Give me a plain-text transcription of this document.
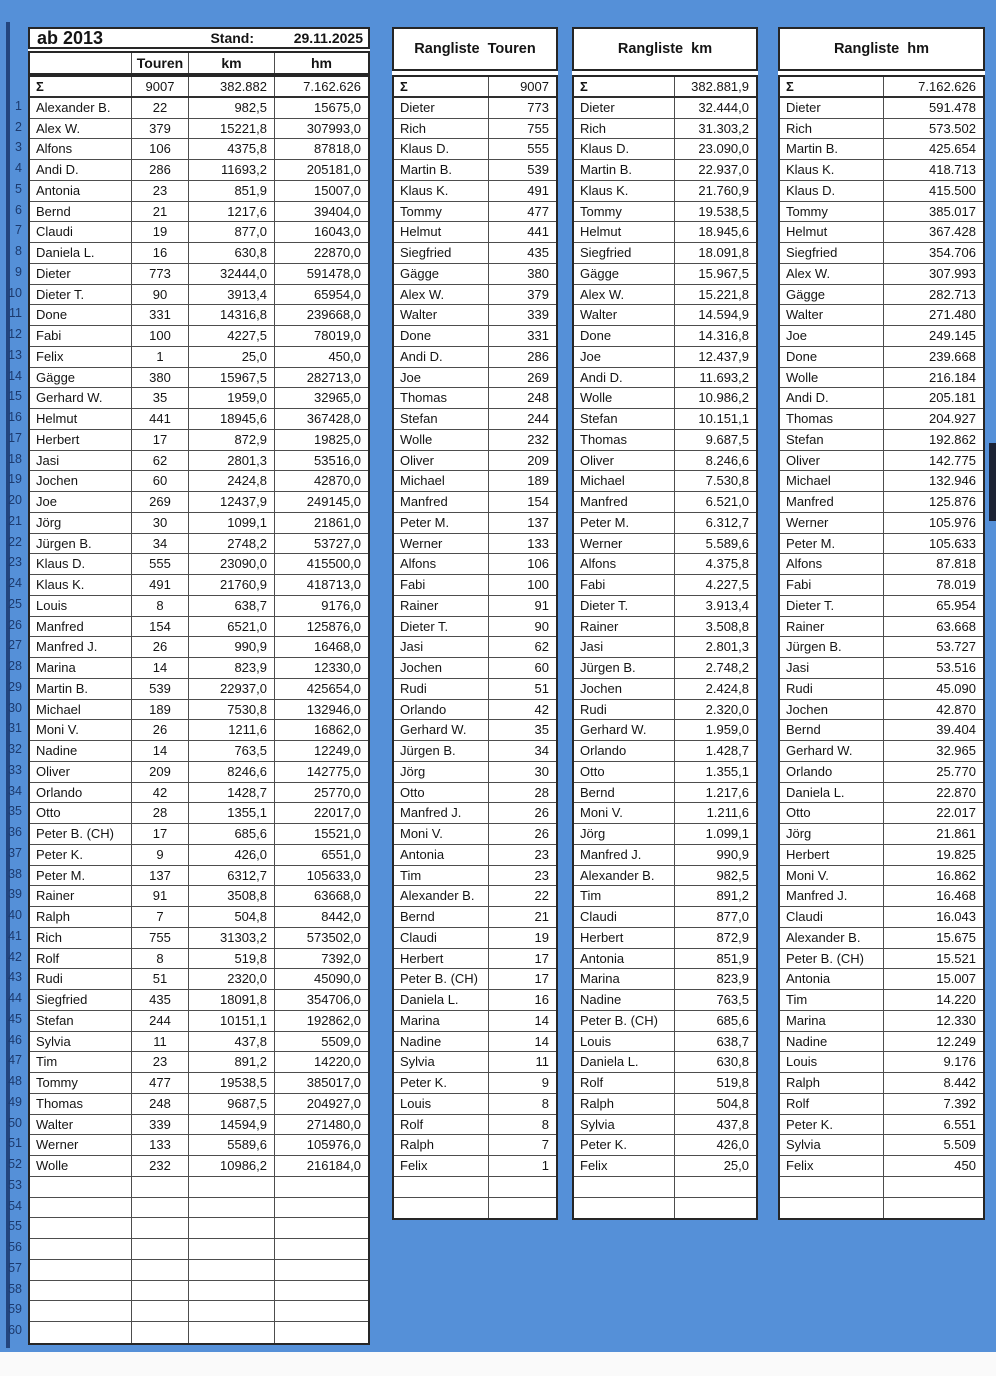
1
2
3
4
5
6
7
8
9
10
11
12
13
14
15
16
17
18
19
20
21
22
23
24
25
26
27
28
29
30
31
32
33
34
35
36
37
38
39
40
41
42
43
44
45
46
47
48
49
50
51
52
53
54
55
56
57
58
59
60
ab 2013	Stand:	29.11.2025
Touren	km	hm
Σ	9007	382.882	7.162.626
Alexander B.	22	982,5	15675,0
Alex W.	379	15221,8	307993,0
Alfons	106	4375,8	87818,0
Andi D.	286	11693,2	205181,0
Antonia	23	851,9	15007,0
Bernd	21	1217,6	39404,0
Claudi	19	877,0	16043,0
Daniela L.	16	630,8	22870,0
Dieter	773	32444,0	591478,0
Dieter T.	90	3913,4	65954,0
Done	331	14316,8	239668,0
Fabi	100	4227,5	78019,0
Felix	1	25,0	450,0
Gägge	380	15967,5	282713,0
Gerhard W.	35	1959,0	32965,0
Helmut	441	18945,6	367428,0
Herbert	17	872,9	19825,0
Jasi	62	2801,3	53516,0
Jochen	60	2424,8	42870,0
Joe	269	12437,9	249145,0
Jörg	30	1099,1	21861,0
Jürgen B.	34	2748,2	53727,0
Klaus D.	555	23090,0	415500,0
Klaus K.	491	21760,9	418713,0
Louis	8	638,7	9176,0
Manfred	154	6521,0	125876,0
Manfred J.	26	990,9	16468,0
Marina	14	823,9	12330,0
Martin B.	539	22937,0	425654,0
Michael	189	7530,8	132946,0
Moni V.	26	1211,6	16862,0
Nadine	14	763,5	12249,0
Oliver	209	8246,6	142775,0
Orlando	42	1428,7	25770,0
Otto	28	1355,1	22017,0
Peter B. (CH)	17	685,6	15521,0
Peter K.	9	426,0	6551,0
Peter M.	137	6312,7	105633,0
Rainer	91	3508,8	63668,0
Ralph	7	504,8	8442,0
Rich	755	31303,2	573502,0
Rolf	8	519,8	7392,0
Rudi	51	2320,0	45090,0
Siegfried	435	18091,8	354706,0
Stefan	244	10151,1	192862,0
Sylvia	11	437,8	5509,0
Tim	23	891,2	14220,0
Tommy	477	19538,5	385017,0
Thomas	248	9687,5	204927,0
Walter	339	14594,9	271480,0
Werner	133	5589,6	105976,0
Wolle	232	10986,2	216184,0
Rangliste  Touren
Σ	9007
Dieter	773
Rich	755
Klaus D.	555
Martin B.	539
Klaus K.	491
Tommy	477
Helmut	441
Siegfried	435
Gägge	380
Alex W.	379
Walter	339
Done	331
Andi D.	286
Joe	269
Thomas	248
Stefan	244
Wolle	232
Oliver	209
Michael	189
Manfred	154
Peter M.	137
Werner	133
Alfons	106
Fabi	100
Rainer	91
Dieter T.	90
Jasi	62
Jochen	60
Rudi	51
Orlando	42
Gerhard W.	35
Jürgen B.	34
Jörg	30
Otto	28
Manfred J.	26
Moni V.	26
Antonia	23
Tim	23
Alexander B.	22
Bernd	21
Claudi	19
Herbert	17
Peter B. (CH)	17
Daniela L.	16
Marina	14
Nadine	14
Sylvia	11
Peter K.	9
Louis	8
Rolf	8
Ralph	7
Felix	1
Rangliste  km
Σ	382.881,9
Dieter	32.444,0
Rich	31.303,2
Klaus D.	23.090,0
Martin B.	22.937,0
Klaus K.	21.760,9
Tommy	19.538,5
Helmut	18.945,6
Siegfried	18.091,8
Gägge	15.967,5
Alex W.	15.221,8
Walter	14.594,9
Done	14.316,8
Joe	12.437,9
Andi D.	11.693,2
Wolle	10.986,2
Stefan	10.151,1
Thomas	9.687,5
Oliver	8.246,6
Michael	7.530,8
Manfred	6.521,0
Peter M.	6.312,7
Werner	5.589,6
Alfons	4.375,8
Fabi	4.227,5
Dieter T.	3.913,4
Rainer	3.508,8
Jasi	2.801,3
Jürgen B.	2.748,2
Jochen	2.424,8
Rudi	2.320,0
Gerhard W.	1.959,0
Orlando	1.428,7
Otto	1.355,1
Bernd	1.217,6
Moni V.	1.211,6
Jörg	1.099,1
Manfred J.	990,9
Alexander B.	982,5
Tim	891,2
Claudi	877,0
Herbert	872,9
Antonia	851,9
Marina	823,9
Nadine	763,5
Peter B. (CH)	685,6
Louis	638,7
Daniela L.	630,8
Rolf	519,8
Ralph	504,8
Sylvia	437,8
Peter K.	426,0
Felix	25,0
Rangliste  hm
Σ	7.162.626
Dieter	591.478
Rich	573.502
Martin B.	425.654
Klaus K.	418.713
Klaus D.	415.500
Tommy	385.017
Helmut	367.428
Siegfried	354.706
Alex W.	307.993
Gägge	282.713
Walter	271.480
Joe	249.145
Done	239.668
Wolle	216.184
Andi D.	205.181
Thomas	204.927
Stefan	192.862
Oliver	142.775
Michael	132.946
Manfred	125.876
Werner	105.976
Peter M.	105.633
Alfons	87.818
Fabi	78.019
Dieter T.	65.954
Rainer	63.668
Jürgen B.	53.727
Jasi	53.516
Rudi	45.090
Jochen	42.870
Bernd	39.404
Gerhard W.	32.965
Orlando	25.770
Daniela L.	22.870
Otto	22.017
Jörg	21.861
Herbert	19.825
Moni V.	16.862
Manfred J.	16.468
Claudi	16.043
Alexander B.	15.675
Peter B. (CH)	15.521
Antonia	15.007
Tim	14.220
Marina	12.330
Nadine	12.249
Louis	9.176
Ralph	8.442
Rolf	7.392
Peter K.	6.551
Sylvia	5.509
Felix	450
